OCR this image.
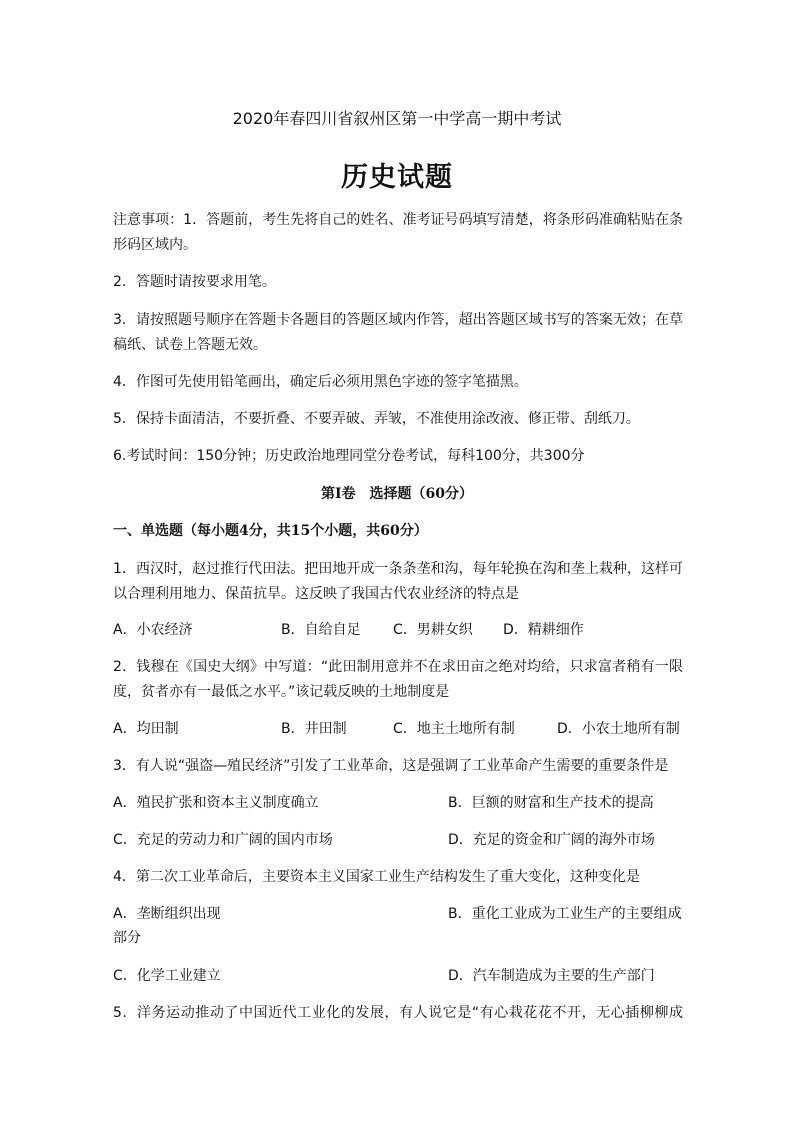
2020年春四川省叙州区第一中学高一期中考试
历史试题
注意事项：1．答题前，考生先将自己的姓名、准考证号码填写清楚，将条形码准确粘贴在条
形码区域内。
2．答题时请按要求用笔。
3．请按照题号顺序在答题卡各题目的答题区域内作答，超出答题区域书写的答案无效；在草
稿纸、试卷上答题无效。
4．作图可先使用铅笔画出，确定后必须用黑色字迹的签字笔描黑。
5．保持卡面清洁，不要折叠、不要弄破、弄皱，不准使用涂改液、修正带、刮纸刀。
6.考试时间：150分钟；历史政治地理同堂分卷考试，每科100分，共300分
第Ⅰ卷　选择题（60分）
一、单选题（每小题4分，共15个小题，共60分）
1．西汉时，赵过推行代田法。把田地开成一条条垄和沟，每年轮换在沟和垄上栽种，这样可
以合理利用地力、保苗抗旱。这反映了我国古代农业经济的特点是
A．小农经济	B．自给自足 C．男耕女织 D．精耕细作
2．钱穆在《国史大纲》中写道：“此田制用意并不在求田亩之绝对均给，只求富者稍有一限
度，贫者亦有一最低之水平。”该记载反映的土地制度是
A．均田制	B．井田制	C．地主土地所有制	D．小农土地所有制
3．有人说“强盗—殖民经济”引发了工业革命，这是强调了工业革命产生需要的重要条件是
A．殖民扩张和资本主义制度确立	B．巨额的财富和生产技术的提高
C．充足的劳动力和广阔的国内市场	D．充足的资金和广阔的海外市场
4．第二次工业革命后，主要资本主义国家工业生产结构发生了重大变化，这种变化是
A．垄断组织出现	B．重化工业成为工业生产的主要组成
部分
C．化学工业建立	D．汽车制造成为主要的生产部门
5．洋务运动推动了中国近代工业化的发展，有人说它是“有心栽花花不开，无心插柳柳成
